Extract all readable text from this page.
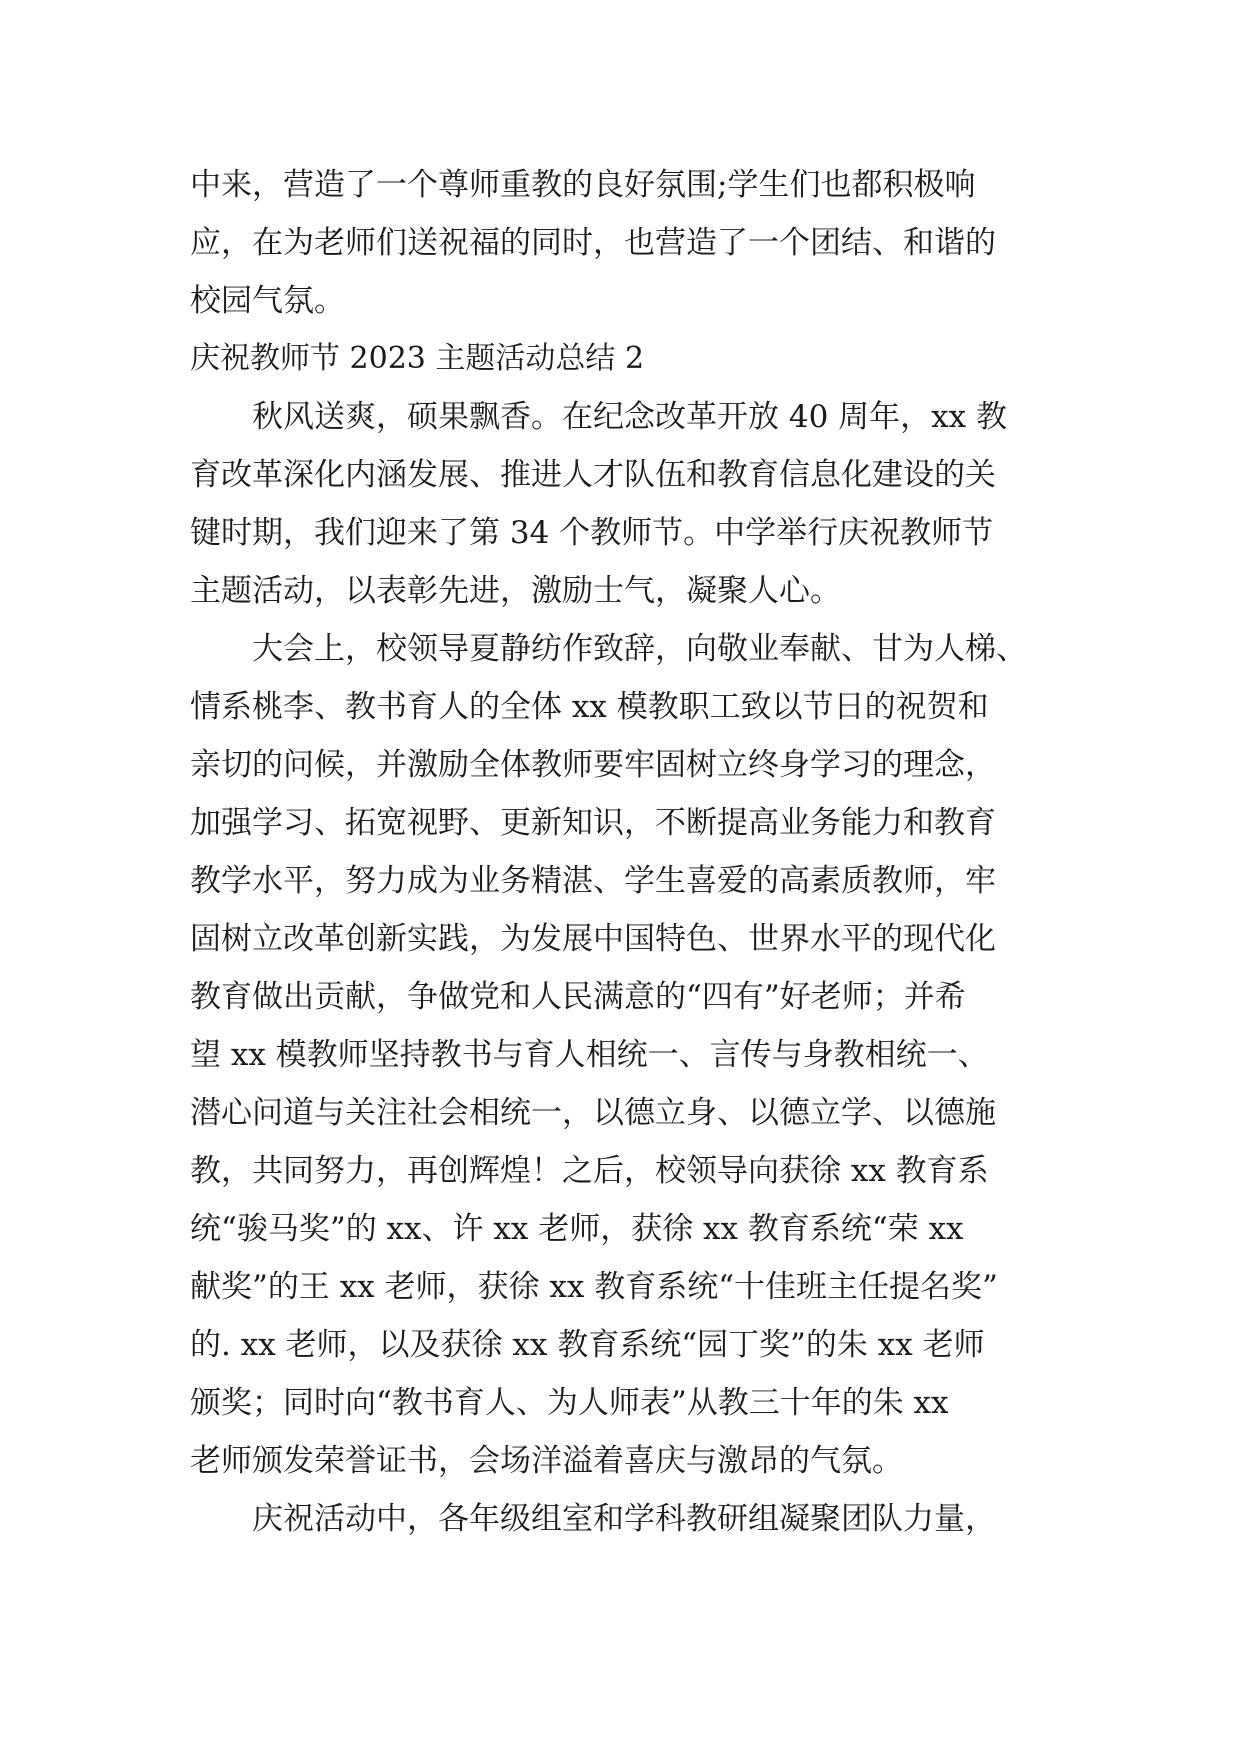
中来，营造了一个尊师重教的良好氛围;学生们也都积极响
应，在为老师们送祝福的同时，也营造了一个团结、和谐的
校园气氛。
庆祝教师节 2023 主题活动总结 2
　　秋风送爽，硕果飘香。在纪念改革开放 40 周年，xx 教
育改革深化内涵发展、推进人才队伍和教育信息化建设的关
键时期，我们迎来了第 34 个教师节。中学举行庆祝教师节
主题活动，以表彰先进，激励士气，凝聚人心。
　　大会上，校领导夏静纺作致辞，向敬业奉献、甘为人梯、
情系桃李、教书育人的全体 xx 模教职工致以节日的祝贺和
亲切的问候，并激励全体教师要牢固树立终身学习的理念，
加强学习、拓宽视野、更新知识，不断提高业务能力和教育
教学水平，努力成为业务精湛、学生喜爱的高素质教师，牢
固树立改革创新实践，为发展中国特色、世界水平的现代化
教育做出贡献，争做党和人民满意的“四有”好老师；并希
望 xx 模教师坚持教书与育人相统一、言传与身教相统一、
潜心问道与关注社会相统一，以德立身、以德立学、以德施
教，共同努力，再创辉煌！之后，校领导向获徐 xx 教育系
统“骏马奖”的 xx、许 xx 老师，获徐 xx 教育系统“荣 xx
献奖”的王 xx 老师，获徐 xx 教育系统“十佳班主任提名奖”
的. xx 老师，以及获徐 xx 教育系统“园丁奖”的朱 xx 老师
颁奖；同时向“教书育人、为人师表”从教三十年的朱 xx
老师颁发荣誉证书，会场洋溢着喜庆与激昂的气氛。
　　庆祝活动中，各年级组室和学科教研组凝聚团队力量，
